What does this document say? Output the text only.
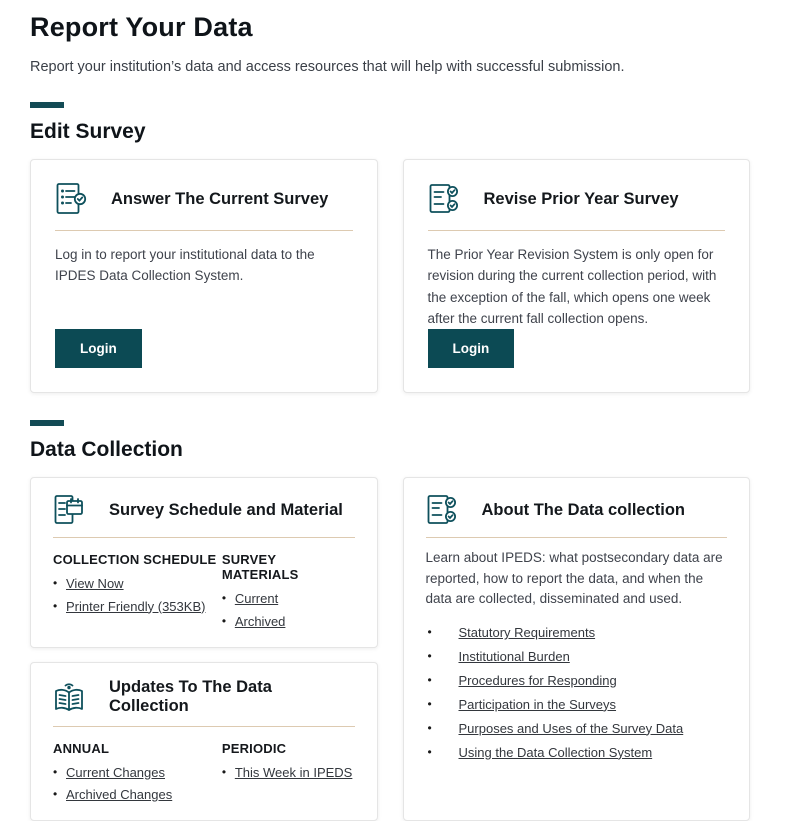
Report Your Data

Report your institution’s data and access resources that will help with successful submission.

Edit Survey
Answer The Current Survey

Log in to report your institutional data to the IPDES Data Collection System.

Login
Revise Prior Year Survey

The Prior Year Revision System is only open for revision during the current collection period, with the exception of the fall, which opens one week after the current fall collection opens.

Login
Data Collection
Survey Schedule and Material
COLLECTION SCHEDULE
• View Now
• Printer Friendly (353KB)
SURVEY MATERIALS
• Current
• Archived
Updates To The Data Collection
ANNUAL
• Current Changes
• Archived Changes
PERIODIC
• This Week in IPEDS
About The Data collection

Learn about IPEDS: what postsecondary data are reported, how to report the data, and when the data are collected, disseminated and used.

• Statutory Requirements
• Institutional Burden
• Procedures for Responding
• Participation in the Surveys
• Purposes and Uses of the Survey Data
• Using the Data Collection System
